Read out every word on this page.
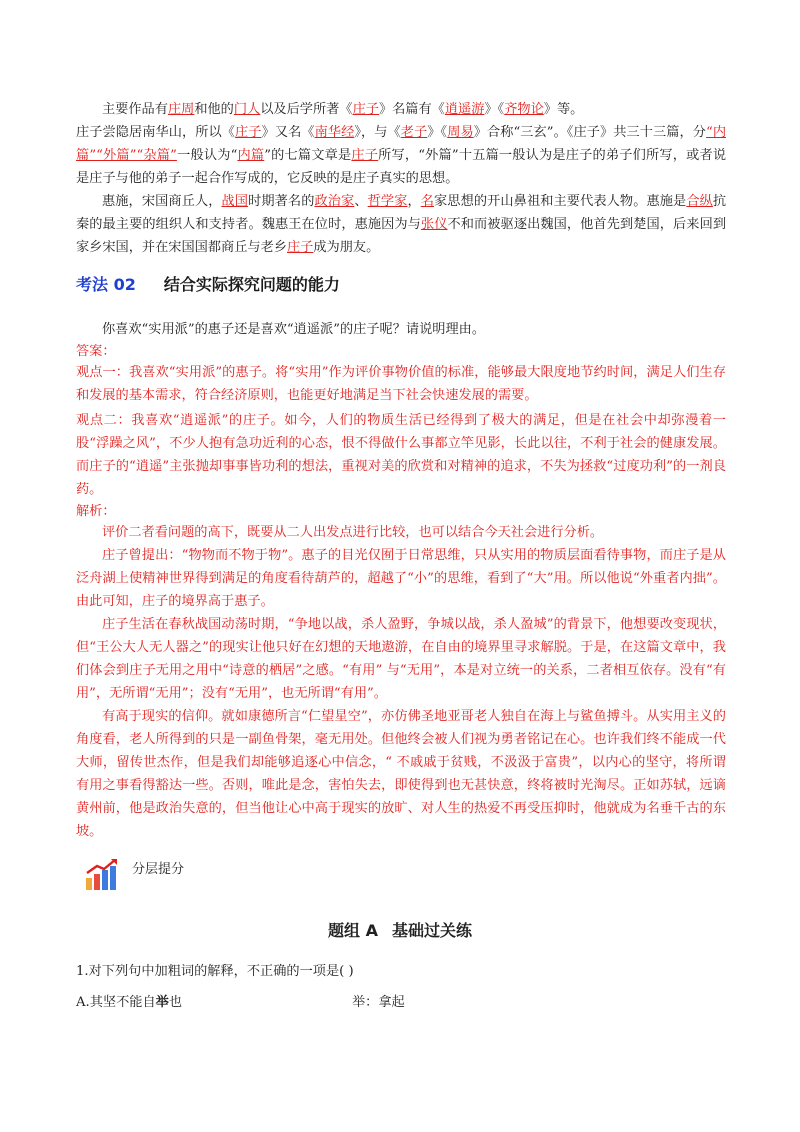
主要作品有庄周和他的门人以及后学所著《庄子》名篇有《逍遥游》《齐物论》等。

庄子尝隐居南华山，所以《庄子》又名《南华经》，与《老子》《周易》合称“三玄”。《庄子》共三十三篇，分“内篇”“外篇”“杂篇”一般认为“内篇”的七篇文章是庄子所写，“外篇”十五篇一般认为是庄子的弟子们所写，或者说是庄子与他的弟子一起合作写成的，它反映的是庄子真实的思想。

惠施，宋国商丘人，战国时期著名的政治家、哲学家，名家思想的开山鼻祖和主要代表人物。惠施是合纵抗秦的最主要的组织人和支持者。魏惠王在位时，惠施因为与张仪不和而被驱逐出魏国，他首先到楚国，后来回到家乡宋国，并在宋国国都商丘与老乡庄子成为朋友。

考法 02 结合实际探究问题的能力

你喜欢“实用派”的惠子还是喜欢“逍遥派”的庄子呢？请说明理由。

答案：

观点一：我喜欢“实用派”的惠子。将“实用”作为评价事物价值的标准，能够最大限度地节约时间，满足人们生存和发展的基本需求，符合经济原则，也能更好地满足当下社会快速发展的需要。

观点二：我喜欢“逍遥派”的庄子。如今，人们的物质生活已经得到了极大的满足，但是在社会中却弥漫着一股“浮躁之风”，不少人抱有急功近利的心态，恨不得做什么事都立竿见影，长此以往，不利于社会的健康发展。而庄子的“逍遥”主张抛却事事皆功利的想法，重视对美的欣赏和对精神的追求，不失为拯救“过度功利”的一剂良药。

解析：

评价二者看问题的高下，既要从二人出发点进行比较，也可以结合今天社会进行分析。

庄子曾提出：“物物而不物于物”。惠子的目光仅囿于日常思维，只从实用的物质层面看待事物，而庄子是从泛舟湖上使精神世界得到满足的角度看待葫芦的，超越了“小”的思维，看到了“大”用。所以他说“外重者内拙”。由此可知，庄子的境界高于惠子。

庄子生活在春秋战国动荡时期，“争地以战，杀人盈野，争城以战，杀人盈城”的背景下，他想要改变现状，但“王公大人无人器之”的现实让他只好在幻想的天地遨游，在自由的境界里寻求解脱。于是，在这篇文章中，我们体会到庄子无用之用中“诗意的栖居”之感。“有用” 与“无用”，本是对立统一的关系，二者相互依存。没有“有用”，无所谓“无用”；没有“无用”，也无所谓“有用”。

有高于现实的信仰。就如康德所言“仁望星空”，亦仿佛圣地亚哥老人独自在海上与鲨鱼搏斗。从实用主义的角度看，老人所得到的只是一副鱼骨架，毫无用处。但他终会被人们视为勇者铭记在心。也许我们终不能成一代大师，留传世杰作，但是我们却能够追逐心中信念，“ 不戚戚于贫贱，不汲汲于富贵”，以内心的坚守，将所谓有用之事看得豁达一些。否则，唯此是念，害怕失去，即使得到也无甚快意，终将被时光淘尽。正如苏轼，远谪黄州前，他是政治失意的，但当他让心中高于现实的放旷、对人生的热爱不再受压抑时，他就成为名垂千古的东坡。

分层提分
题组 A 基础过关练
1.对下列句中加粗词的解释，不正确的一项是( )
A.其坚不能自举也	举：拿起
